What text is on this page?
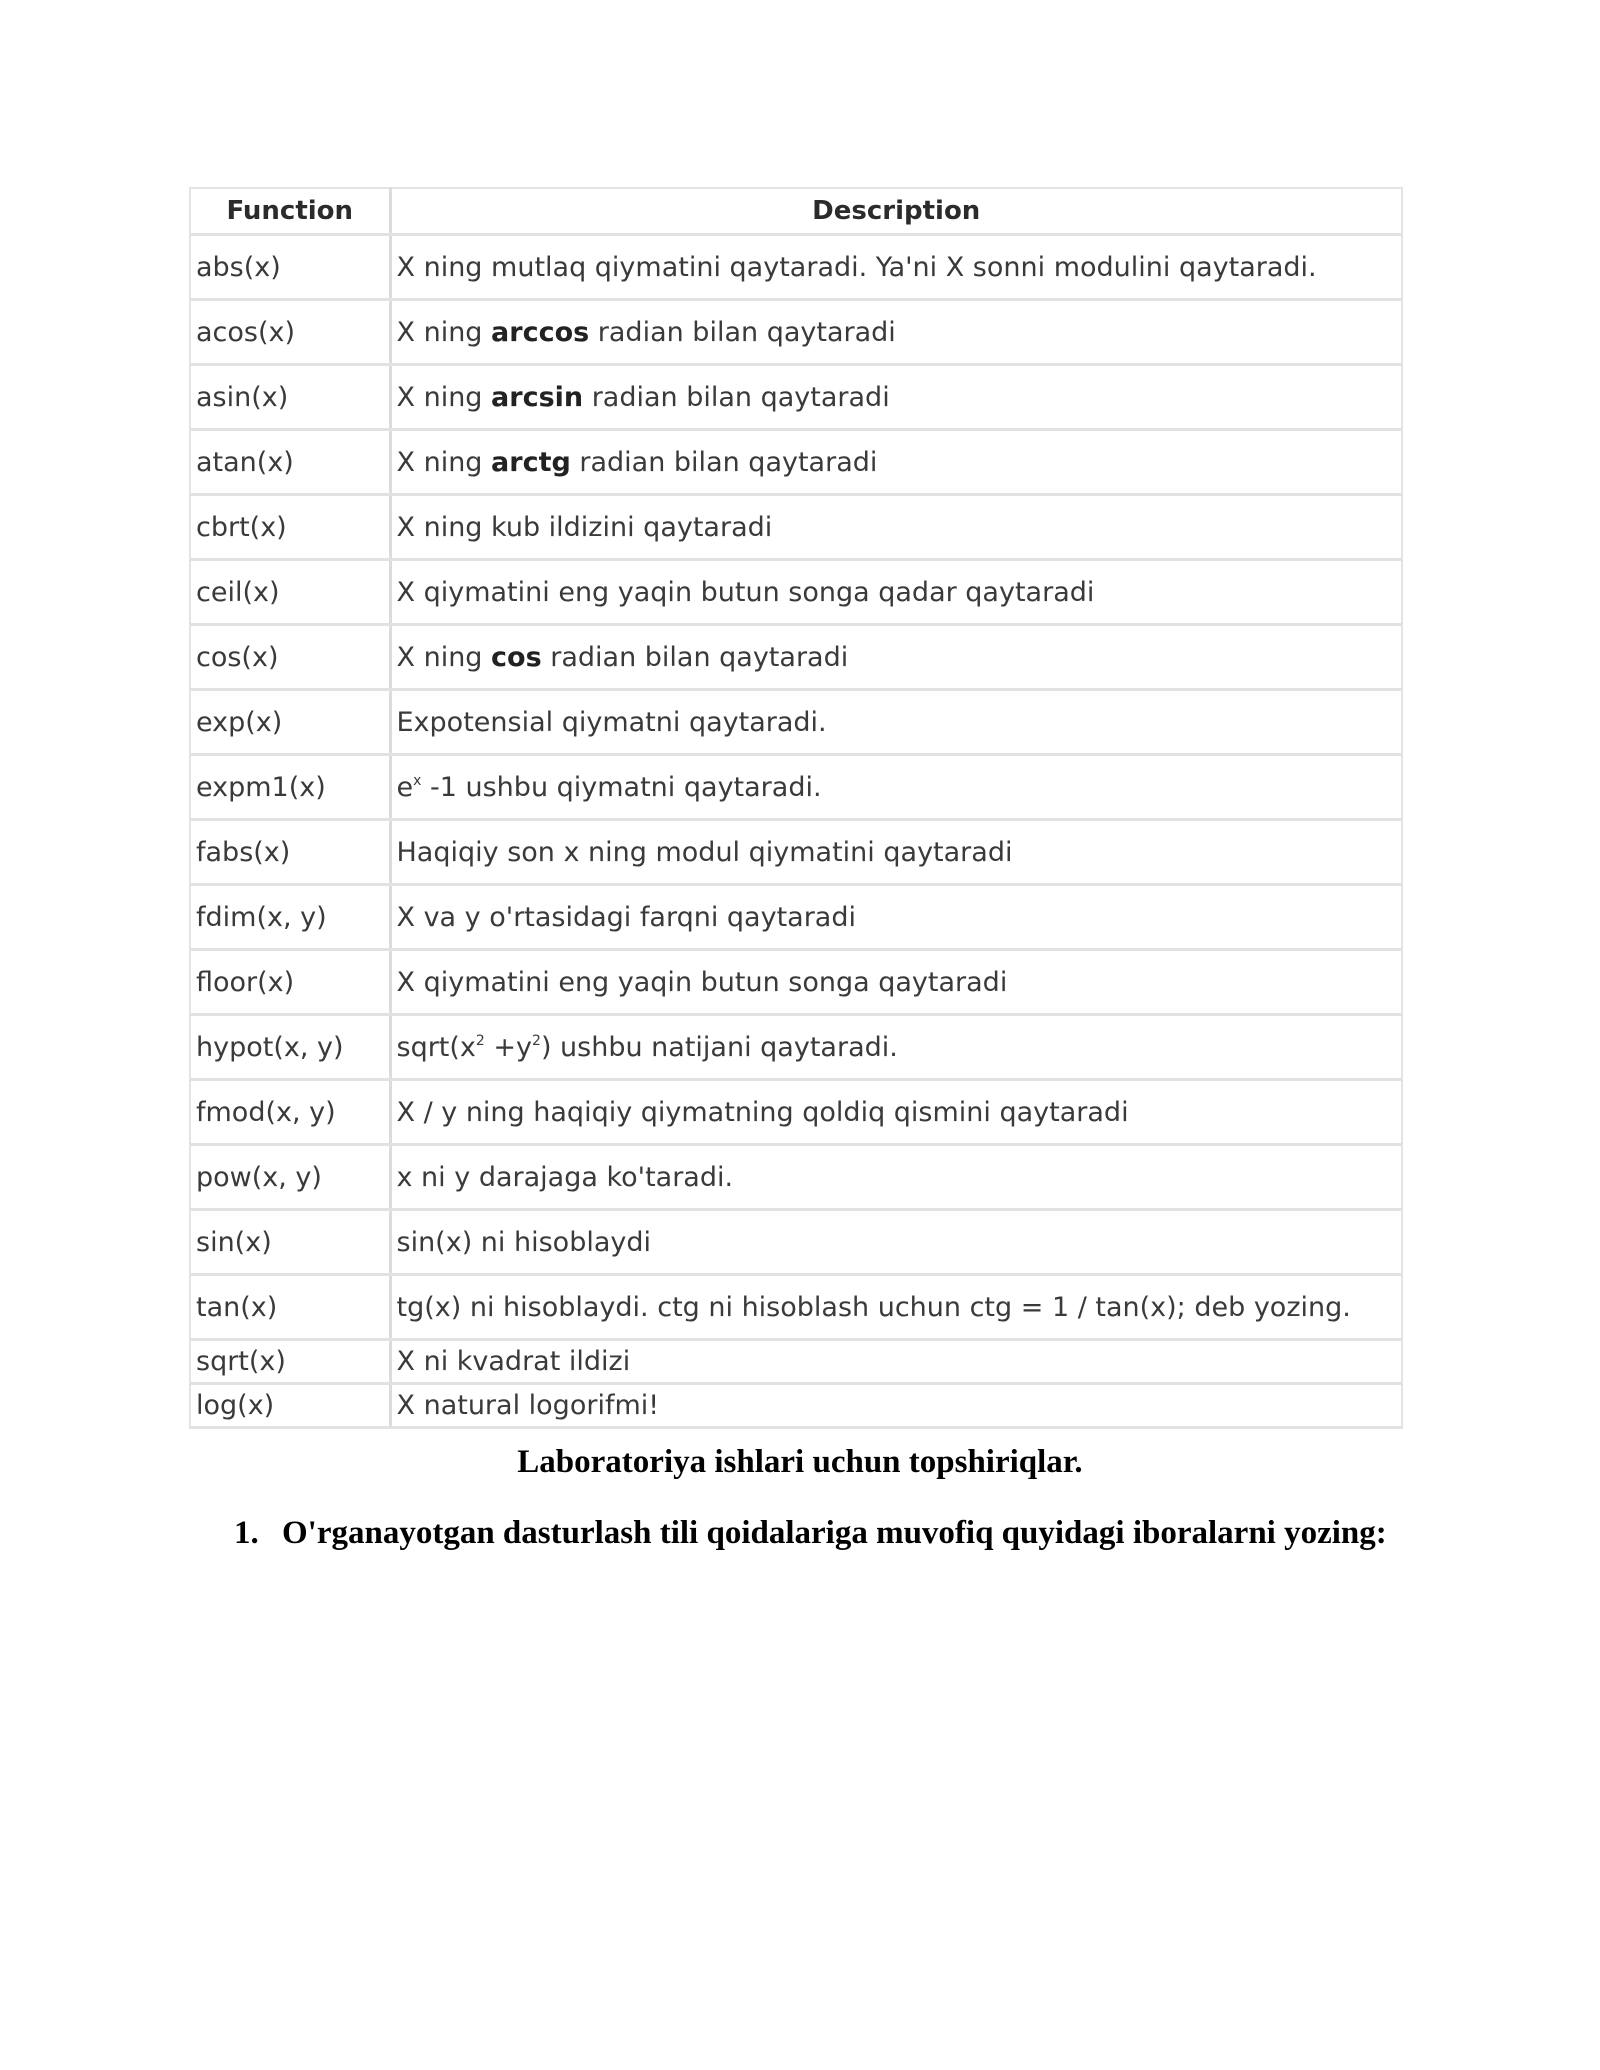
Function	Description
abs(x)	X ning mutlaq qiymatini qaytaradi. Ya'ni X sonni modulini qaytaradi.
acos(x)	X ning arccos radian bilan qaytaradi
asin(x)	X ning arcsin radian bilan qaytaradi
atan(x)	X ning arctg radian bilan qaytaradi
cbrt(x)	X ning kub ildizini qaytaradi
ceil(x)	X qiymatini eng yaqin butun songa qadar qaytaradi
cos(x)	X ning cos radian bilan qaytaradi
exp(x)	Expotensial qiymatni qaytaradi.
expm1(x)	$e^x$ -1 ushbu qiymatni qaytaradi.
fabs(x)	Haqiqiy son x ning modul qiymatini qaytaradi
fdim(x, y)	X va y o'rtasidagi farqni qaytaradi
floor(x)	X qiymatini eng yaqin butun songa qaytaradi
hypot(x, y)	$sqrt(x^2 +y^2)$ ushbu natijani qaytaradi.
fmod(x, y)	X / y ning haqiqiy qiymatning qoldiq qismini qaytaradi
pow(x, y)	x ni y darajaga ko'taradi.
sin(x)	sin(x) ni hisoblaydi
tan(x)	tg(x) ni hisoblaydi. ctg ni hisoblash uchun ctg = 1 / tan(x); deb yozing.
sqrt(x)	X ni kvadrat ildizi
log(x)	X natural logorifmi!
Laboratoriya ishlari uchun topshiriqlar.
1. O'rganayotgan dasturlash tili qoidalariga muvofiq quyidagi iboralarni yozing:
